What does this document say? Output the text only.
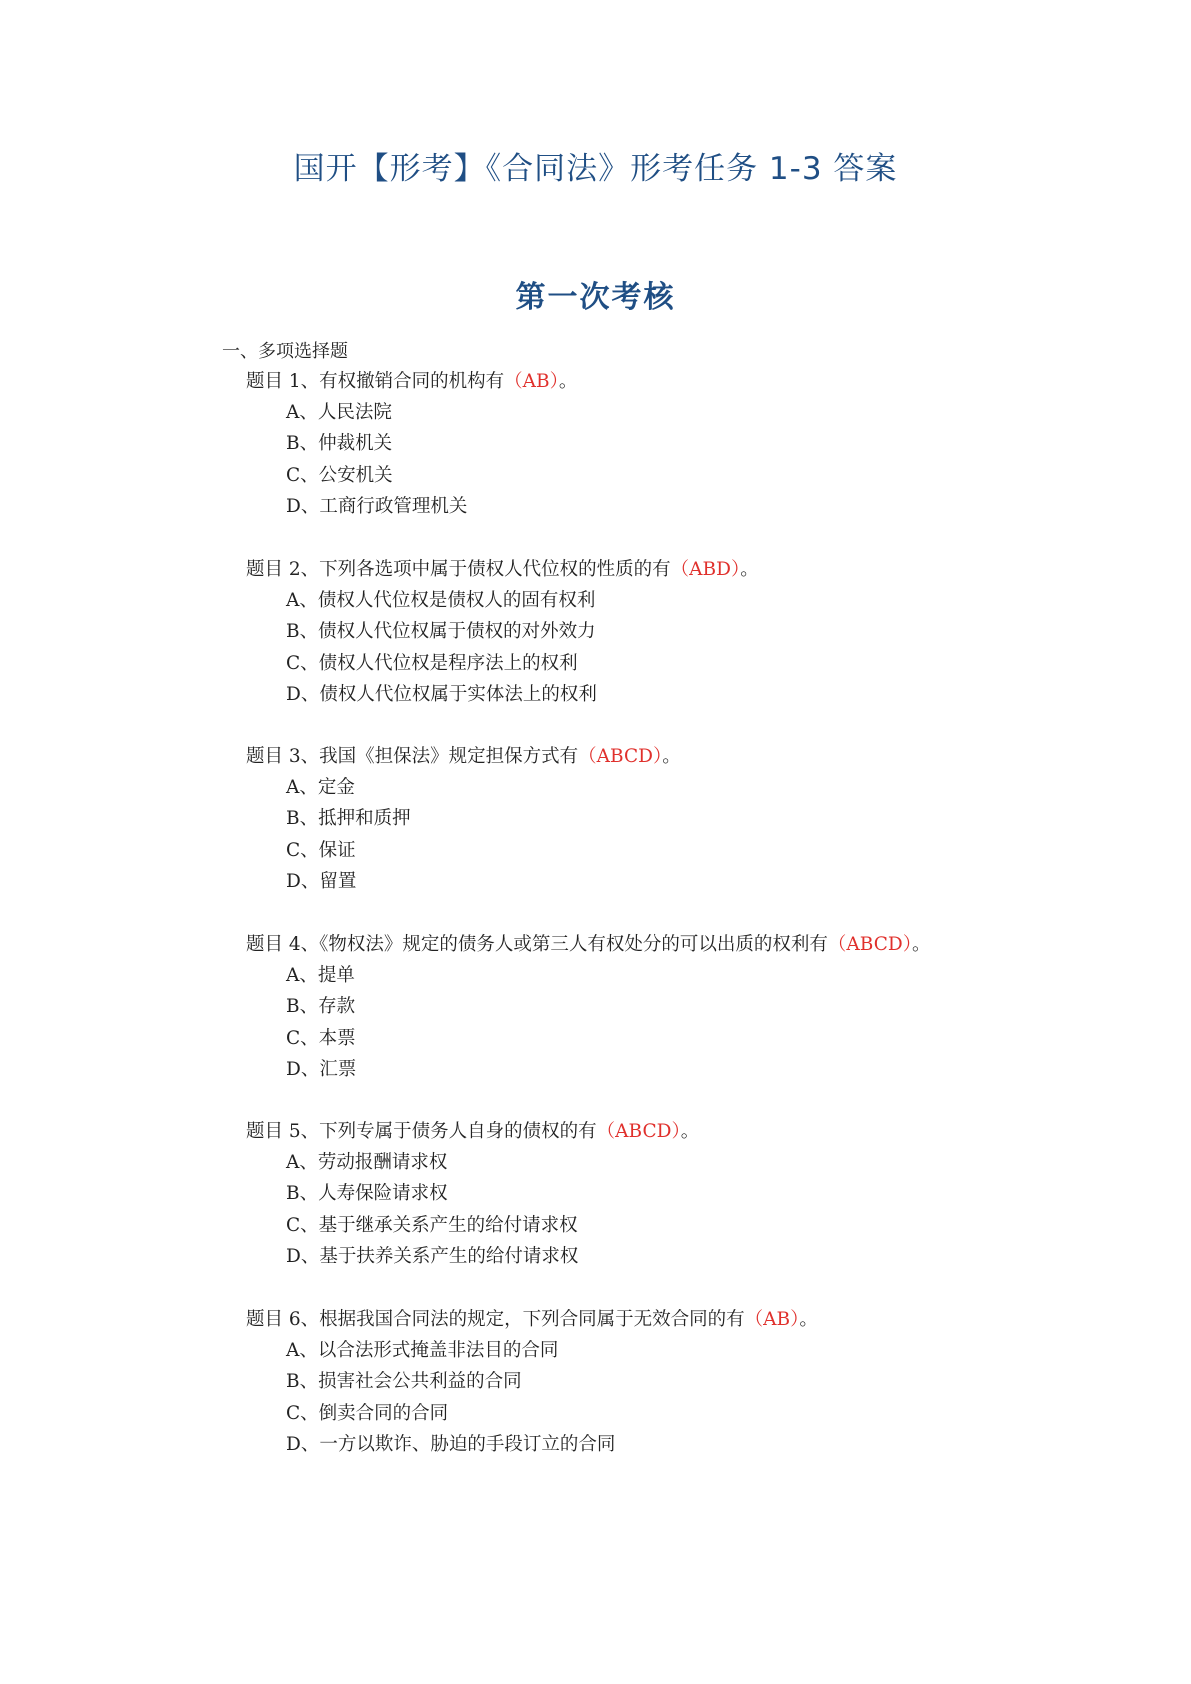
国开【形考】《合同法》形考任务 1-3 答案
第一次考核
一、多项选择题
题目 1、有权撤销合同的机构有（AB）。
A、人民法院
B、仲裁机关
C、公安机关
D、工商行政管理机关
题目 2、下列各选项中属于债权人代位权的性质的有（ABD）。
A、债权人代位权是债权人的固有权利
B、债权人代位权属于债权的对外效力
C、债权人代位权是程序法上的权利
D、债权人代位权属于实体法上的权利
题目 3、我国《担保法》规定担保方式有（ABCD）。
A、定金
B、抵押和质押
C、保证
D、留置
题目 4、《物权法》规定的债务人或第三人有权处分的可以出质的权利有（ABCD）。
A、提单
B、存款
C、本票
D、汇票
题目 5、下列专属于债务人自身的债权的有（ABCD）。
A、劳动报酬请求权
B、人寿保险请求权
C、基于继承关系产生的给付请求权
D、基于扶养关系产生的给付请求权
题目 6、根据我国合同法的规定，下列合同属于无效合同的有（AB）。
A、以合法形式掩盖非法目的合同
B、损害社会公共利益的合同
C、倒卖合同的合同
D、一方以欺诈、胁迫的手段订立的合同
